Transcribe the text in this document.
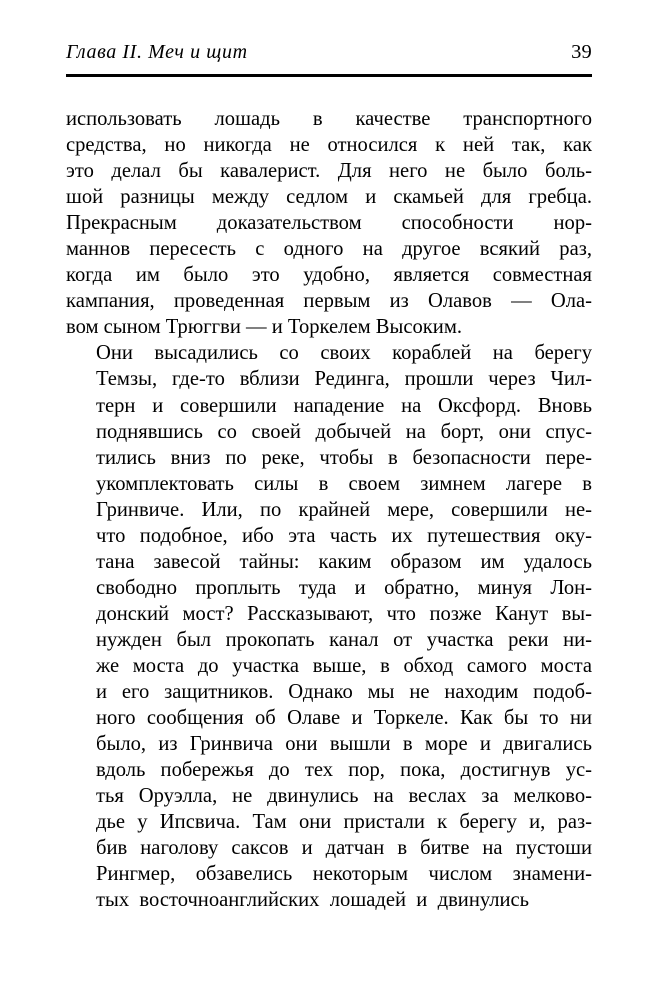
Глава II. Меч и щит	39

использовать  лошадь  в  качестве  транспортного
средства, но никогда не относился к ней так, как
это делал бы кавалерист. Для него не было боль-
шой разницы между седлом и скамьей для гребца.
Прекрасным  доказательством  способности  нор-
маннов пересесть с одного на другое всякий раз,
когда им было это удобно, является совместная
кампания, проведенная первым из Олавов — Ола-
вом сыном Трюггви — и Торкелем Высоким.

Они высадились со своих кораблей на берегу
Темзы, где-то вблизи Рединга, прошли через Чил-
терн и совершили нападение на Оксфорд. Вновь
поднявшись со своей добычей на борт, они спус-
тились вниз по реке, чтобы в безопасности пере-
укомплектовать  силы  в  своем  зимнем  лагере  в
Гринвиче. Или, по крайней мере, совершили не-
что подобное, ибо эта часть их путешествия оку-
тана завесой тайны: каким образом им удалось
свободно проплыть туда и обратно, минуя Лон-
донский мост? Рассказывают, что позже Канут вы-
нужден был прокопать канал от участка реки ни-
же моста до участка выше, в обход самого моста
и его защитников. Однако мы не находим подоб-
ного сообщения об Олаве и Торкеле. Как бы то ни
было, из Гринвича они вышли в море и двигались
вдоль побережья до тех пор, пока, достигнув ус-
тья Оруэлла, не двинулись на веслах за мелково-
дье у Ипсвича. Там они пристали к берегу и, раз-
бив наголову саксов и датчан в битве на пустоши
Рингмер, обзавелись некоторым числом знамени-
тых  восточноанглийских  лошадей  и  двинулись
